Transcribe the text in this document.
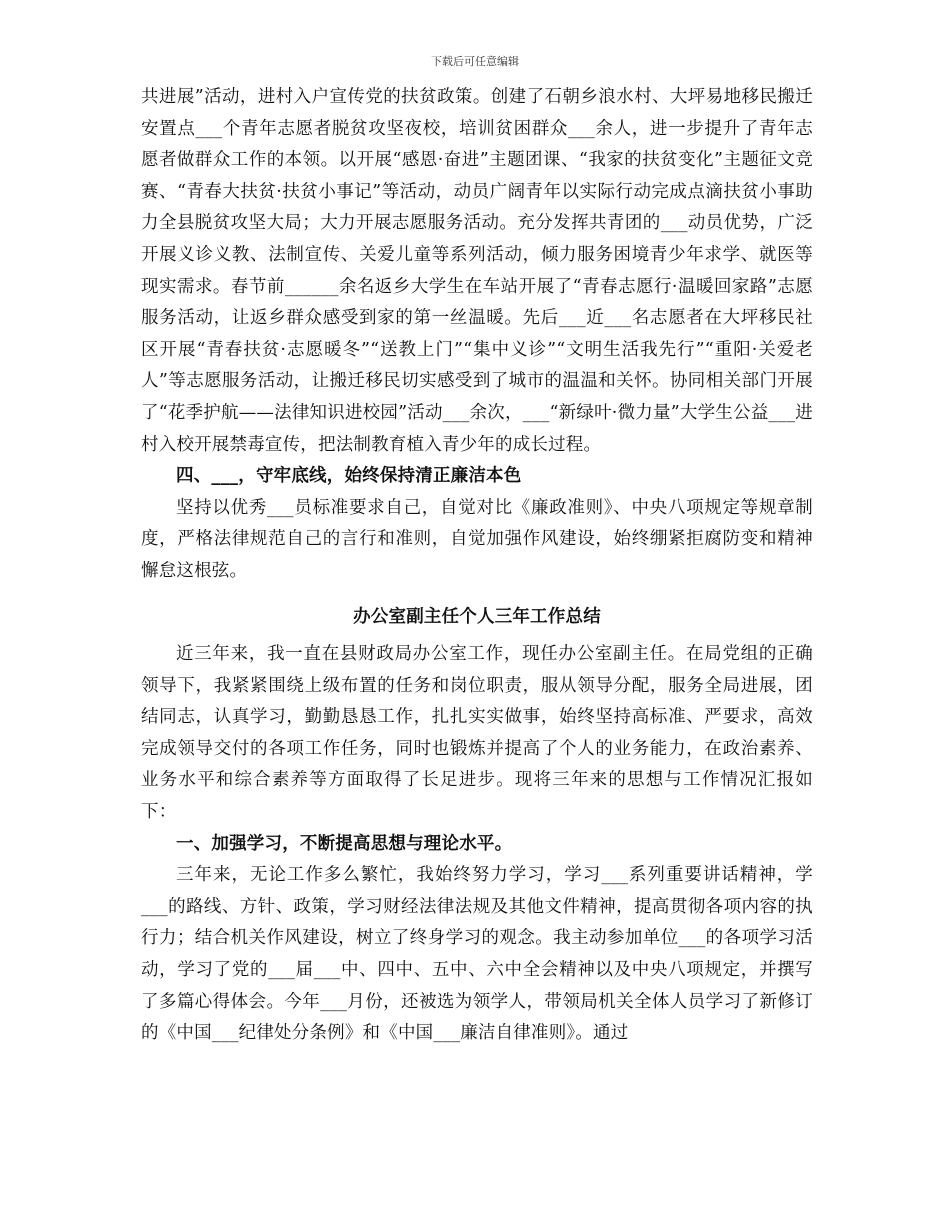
下载后可任意编辑

共进展”活动，进村入户宣传党的扶贫政策。创建了石朝乡浪水村、大坪易地移民搬迁安置点___个青年志愿者脱贫攻坚夜校，培训贫困群众___余人，进一步提升了青年志愿者做群众工作的本领。以开展“感恩·奋进”主题团课、“我家的扶贫变化”主题征文竞赛、“青春大扶贫·扶贫小事记”等活动，动员广阔青年以实际行动完成点滴扶贫小事助力全县脱贫攻坚大局；大力开展志愿服务活动。充分发挥共青团的___动员优势，广泛开展义诊义教、法制宣传、关爱儿童等系列活动，倾力服务困境青少年求学、就医等现实需求。春节前______余名返乡大学生在车站开展了“青春志愿行·温暖回家路”志愿服务活动，让返乡群众感受到家的第一丝温暖。先后___近___名志愿者在大坪移民社区开展“青春扶贫·志愿暖冬”“送教上门”“集中义诊”“文明生活我先行”“重阳·关爱老人”等志愿服务活动，让搬迁移民切实感受到了城市的温温和关怀。协同相关部门开展了“花季护航——法律知识进校园”活动___余次，___“新绿叶·微力量”大学生公益___进村入校开展禁毒宣传，把法制教育植入青少年的成长过程。

四、___，守牢底线，始终保持清正廉洁本色

坚持以优秀___员标准要求自己，自觉对比《廉政准则》、中央八项规定等规章制度，严格法律规范自己的言行和准则，自觉加强作风建设，始终绷紧拒腐防变和精神懈怠这根弦。

办公室副主任个人三年工作总结

近三年来，我一直在县财政局办公室工作，现任办公室副主任。在局党组的正确领导下，我紧紧围绕上级布置的任务和岗位职责，服从领导分配，服务全局进展，团结同志，认真学习，勤勤恳恳工作，扎扎实实做事，始终坚持高标准、严要求，高效完成领导交付的各项工作任务，同时也锻炼并提高了个人的业务能力，在政治素养、业务水平和综合素养等方面取得了长足进步。现将三年来的思想与工作情况汇报如下：

一、加强学习，不断提高思想与理论水平。

三年来，无论工作多么繁忙，我始终努力学习，学习___系列重要讲话精神，学___的路线、方针、政策，学习财经法律法规及其他文件精神，提高贯彻各项内容的执行力；结合机关作风建设，树立了终身学习的观念。我主动参加单位___的各项学习活动，学习了党的___届___中、四中、五中、六中全会精神以及中央八项规定，并撰写了多篇心得体会。今年___月份，还被选为领学人，带领局机关全体人员学习了新修订的《中国___纪律处分条例》和《中国___廉洁自律准则》。通过
